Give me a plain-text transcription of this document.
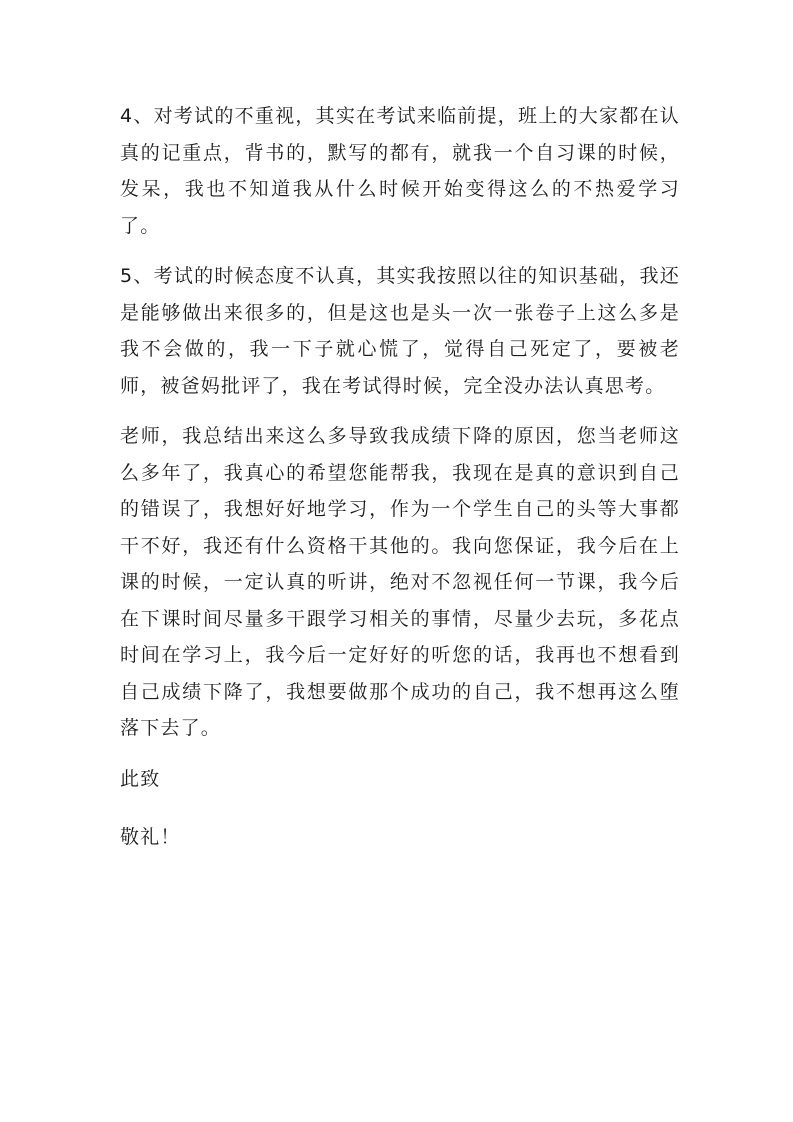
4、对考试的不重视，其实在考试来临前提，班上的大家都在认真的记重点，背书的，默写的都有，就我一个自习课的时候，发呆，我也不知道我从什么时候开始变得这么的不热爱学习了。

5、考试的时候态度不认真，其实我按照以往的知识基础，我还是能够做出来很多的，但是这也是头一次一张卷子上这么多是我不会做的，我一下子就心慌了，觉得自己死定了，要被老师，被爸妈批评了，我在考试得时候，完全没办法认真思考。

老师，我总结出来这么多导致我成绩下降的原因，您当老师这么多年了，我真心的希望您能帮我，我现在是真的意识到自己的错误了，我想好好地学习，作为一个学生自己的头等大事都干不好，我还有什么资格干其他的。我向您保证，我今后在上课的时候，一定认真的听讲，绝对不忽视任何一节课，我今后在下课时间尽量多干跟学习相关的事情，尽量少去玩，多花点时间在学习上，我今后一定好好的听您的话，我再也不想看到自己成绩下降了，我想要做那个成功的自己，我不想再这么堕落下去了。

此致

敬礼！
